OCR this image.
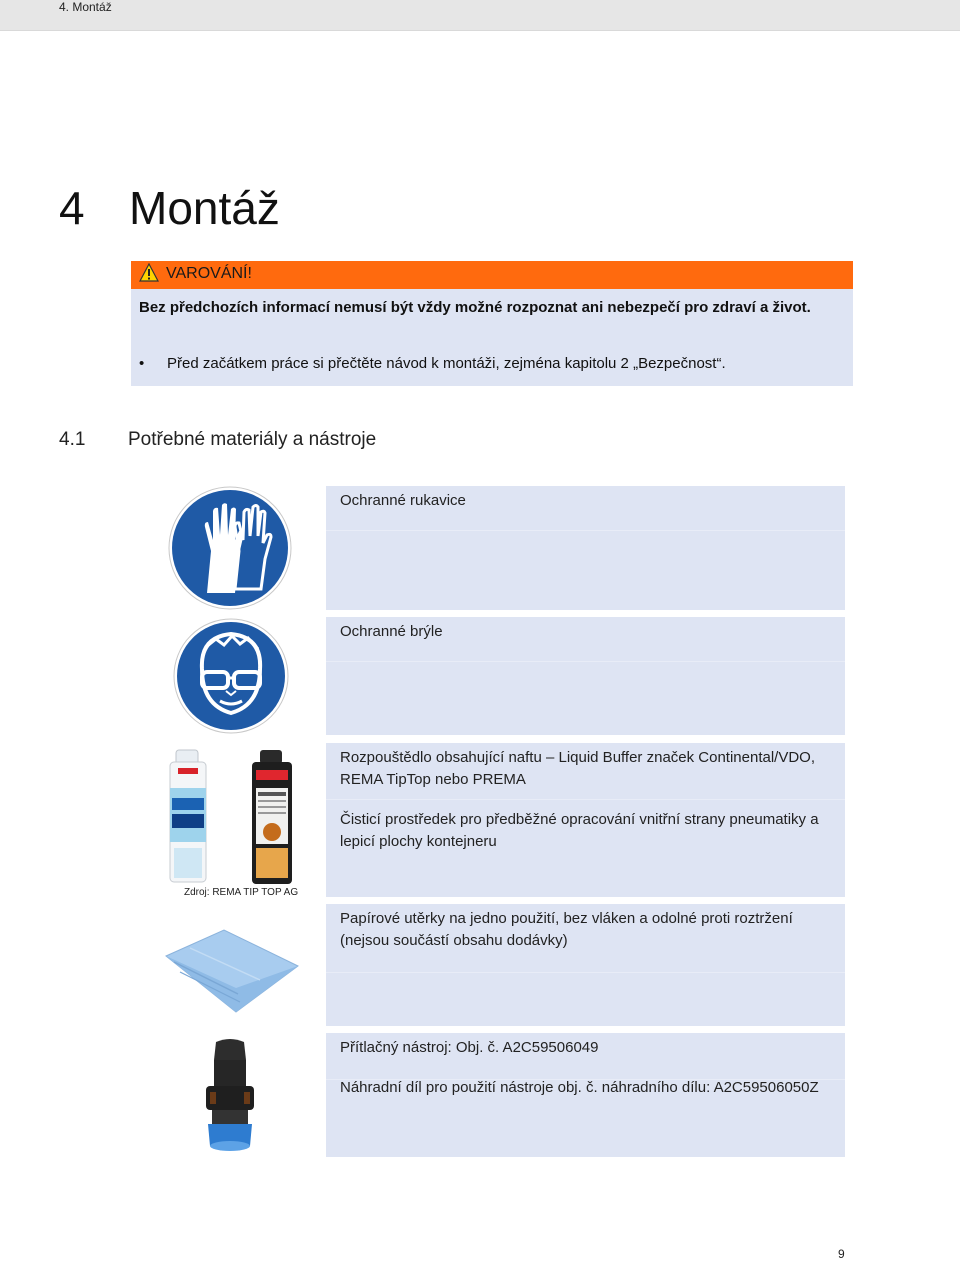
4. Montáž
4 Montáž
VAROVÁNÍ!
Bez předchozích informací nemusí být vždy možné rozpoznat ani nebezpečí pro zdraví a život.
• Před začátkem práce si přečtěte návod k montáži, zejména kapitolu 2 „Bezpečnost“.
4.1 Potřebné materiály a nástroje
Ochranné rukavice
Ochranné brýle
Zdroj: REMA TIP TOP AG
Rozpouštědlo obsahující naftu – Liquid Buffer značek Continental/VDO, REMA TipTop nebo PREMA
Čisticí prostředek pro předběžné opracování vnitřní strany pneumatiky a lepicí plochy kontejneru
Papírové utěrky na jedno použití, bez vláken a odolné proti roztržení (nejsou součástí obsahu dodávky)
Přítlačný nástroj: Obj. č. A2C59506049
Náhradní díl pro použití nástroje obj. č. náhradního dílu: A2C59506050Z
9
